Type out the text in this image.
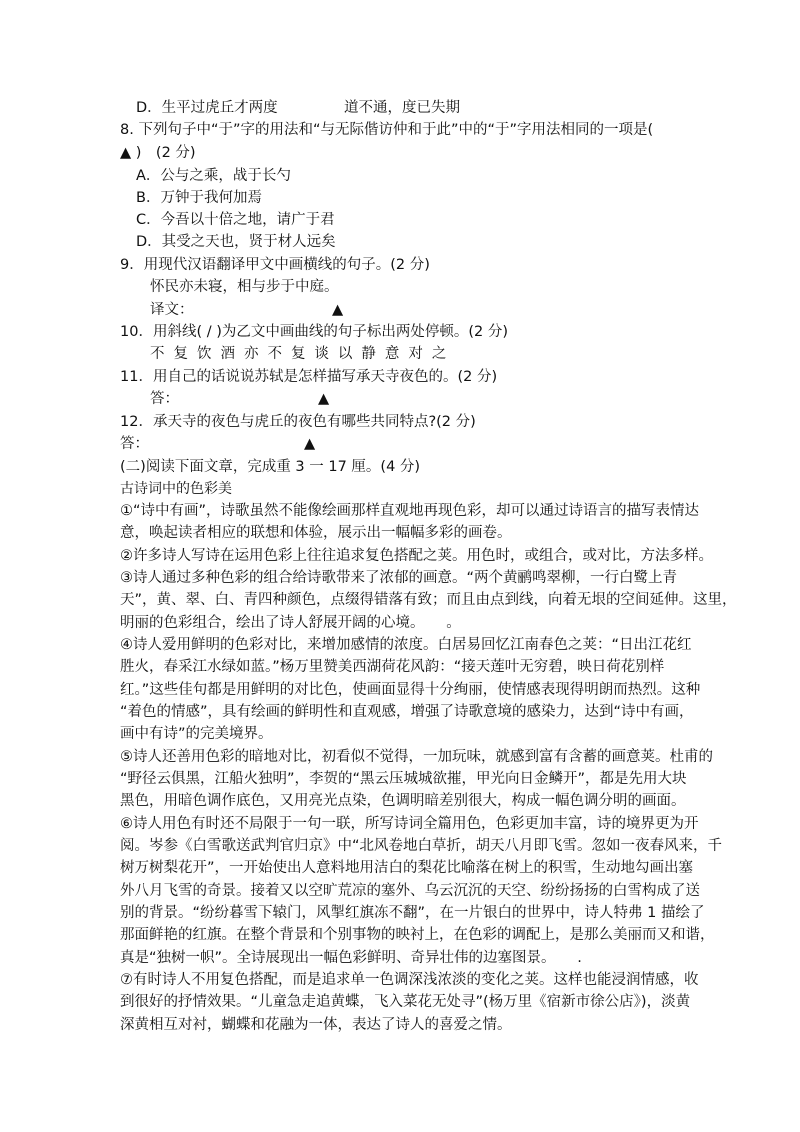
D．生平过虎丘才两度	道不通，度已失期
8. 下列句子中“于”字的用法和“与无际偕访仲和于此”中的“于”字用法相同的一项是(
▲ )　(2 分)
A．公与之乘，战于长勺
B．万钟于我何加焉
C．今吾以十倍之地，请广于君
D．其受之天也，贤于材人远矣
9．用现代汉语翻译甲文中画横线的句子。(2 分)
怀民亦未寝，相与步于中庭。
译文：	▲
10．用斜线( / )为乙文中画曲线的句子标出两处停顿。(2 分)
不复饮酒亦不复谈以静意对之
11．用自己的话说说苏轼是怎样描写承天寺夜色的。(2 分)
答：	▲
12．承天寺的夜色与虎丘的夜色有哪些共同特点?(2 分)
答：	▲
(二)阅读下面文章，完成重 3 一 17 厘。(4 分)
古诗词中的色彩美
①“诗中有画”，诗歌虽然不能像绘画那样直观地再现色彩，却可以通过诗语言的描写表情达
意，唤起读者相应的联想和体验，展示出一幅幅多彩的画卷。
②许多诗人写诗在运用色彩上往往追求复色搭配之荚。用色时，或组合，或对比，方法多样。
③诗人通过多种色彩的组合给诗歌带来了浓郁的画意。“两个黄鹂鸣翠柳，一行白鹭上青
天”，黄、翠、白、青四种颜色，点缀得错落有致；而且由点到线，向着无垠的空间延伸。这里，
明丽的色彩组合，绘出了诗人舒展开阔的心境。　　。
④诗人爱用鲜明的色彩对比，来增加感情的浓度。白居易回忆江南春色之荚：“日出江花红
胜火，春采江水绿如蓝。”杨万里赞美西湖荷花风韵：“接天莲叶无穷碧，映日荷花别样
红。”这些佳句都是用鲜明的对比色，使画面显得十分绚丽，使情感表现得明朗而热烈。这种
“着色的情感”，具有绘画的鲜明性和直观感，增强了诗歌意境的感染力，达到“诗中有画，
画中有诗”的完美境界。
⑤诗人还善用色彩的暗地对比，初看似不觉得，一加玩味，就感到富有含蓄的画意荚。杜甫的
“野径云俱黑，江船火独明”，李贺的“黑云压城城欲摧，甲光向日金鳞开”，都是先用大块
黑色，用暗色调作底色，又用亮光点染，色调明暗差别很大，构成一幅色调分明的画面。
⑥诗人用色有时还不局限于一句一联，所写诗词全篇用色，色彩更加丰富，诗的境界更为开
阅。岑参《白雪歌送武判官归京》中“北风卷地白草折，胡天八月即飞雪。忽如一夜春风来，千
树万树梨花开”，一开始使出人意料地用洁白的梨花比喻落在树上的积雪，生动地勾画出塞
外八月飞雪的奇景。接着又以空旷荒凉的塞外、乌云沉沉的天空、纷纷扬扬的白雪构成了送
别的背景。“纷纷暮雪下辕门，风掣红旗冻不翻”，在一片银白的世界中，诗人特弗 1 描绘了
那面鲜艳的红旗。在整个背景和个别事物的映衬上，在色彩的调配上，是那么美丽而又和谐，
真是“独树一帜”。全诗展现出一幅色彩鲜明、奇异壮伟的边塞图景。　　.
⑦有时诗人不用复色搭配，而是追求单一色调深浅浓淡的变化之荚。这样也能浸润情感，收
到很好的抒情效果。“儿童急走追黄蝶，飞入菜花无处寻”(杨万里《宿新市徐公店》)，淡黄
深黄相互对衬，蝴蝶和花融为一体，表达了诗人的喜爱之情。
